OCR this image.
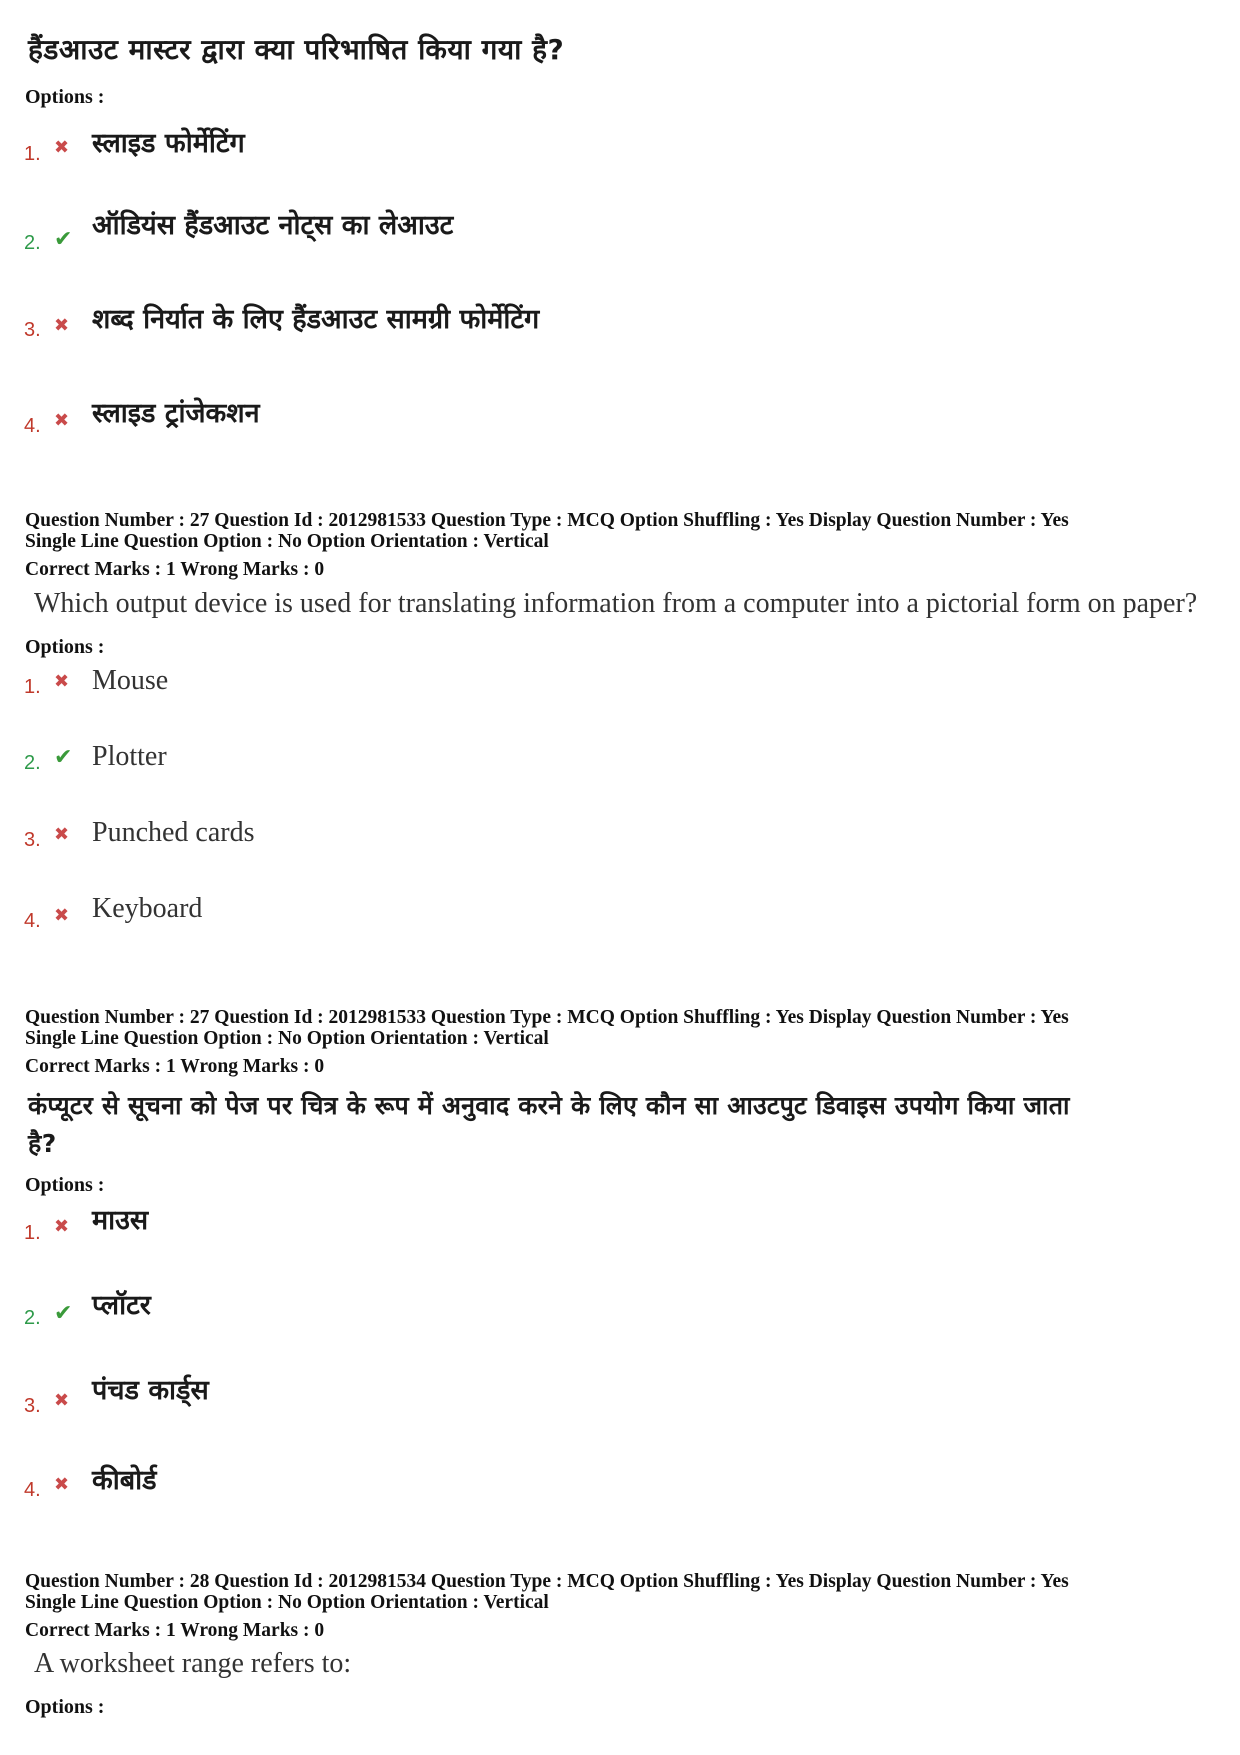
हैंडआउट मास्टर द्वारा क्या परिभाषित किया गया है?
Options :
1. ✖ स्लाइड फोर्मेटिंग
2. ✔ ऑडियंस हैंडआउट नोट्स का लेआउट
3. ✖ शब्द निर्यात के लिए हैंडआउट सामग्री फोर्मेटिंग
4. ✖ स्लाइड ट्रांजेकशन
Question Number : 27 Question Id : 2012981533 Question Type : MCQ Option Shuffling : Yes Display Question Number : Yes
Single Line Question Option : No Option Orientation : Vertical
Correct Marks : 1 Wrong Marks : 0
Which output device is used for translating information from a computer into a pictorial form on paper?
Options :
1. ✖ Mouse
2. ✔ Plotter
3. ✖ Punched cards
4. ✖ Keyboard
Question Number : 27 Question Id : 2012981533 Question Type : MCQ Option Shuffling : Yes Display Question Number : Yes
Single Line Question Option : No Option Orientation : Vertical
Correct Marks : 1 Wrong Marks : 0
कंप्यूटर से सूचना को पेज पर चित्र के रूप में अनुवाद करने के लिए कौन सा आउटपुट डिवाइस उपयोग किया जाता
है?
Options :
1. ✖ माउस
2. ✔ प्लॉटर
3. ✖ पंचड कार्ड्स
4. ✖ कीबोर्ड
Question Number : 28 Question Id : 2012981534 Question Type : MCQ Option Shuffling : Yes Display Question Number : Yes
Single Line Question Option : No Option Orientation : Vertical
Correct Marks : 1 Wrong Marks : 0
A worksheet range refers to:
Options :
